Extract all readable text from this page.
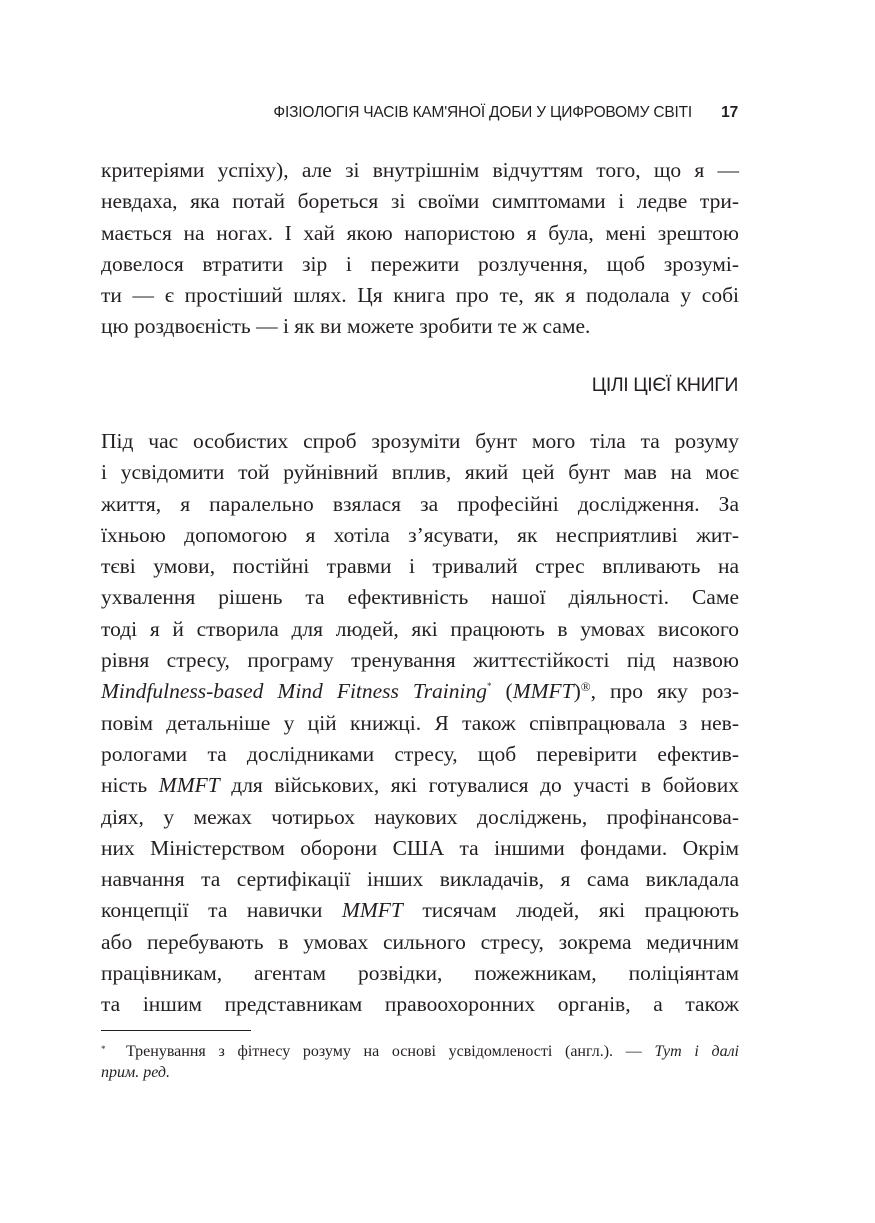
ФІЗІОЛОГІЯ ЧАСІВ КАМ'ЯНОЇ ДОБИ У ЦИФРОВОМУ СВІТІ 17
критеріями успіху), але зі внутрішнім відчуттям того, що я —
невдаха, яка потай бореться зі своїми симптомами і ледве три-
мається на ногах. І хай якою напористою я була, мені зрештою
довелося втратити зір і пережити розлучення, щоб зрозумі-
ти — є простіший шлях. Ця книга про те, як я подолала у собі
цю роздвоєність — і як ви можете зробити те ж саме.
ЦІЛІ ЦІЄЇ КНИГИ
Під час особистих спроб зрозуміти бунт мого тіла та розуму
і усвідомити той руйнівний вплив, який цей бунт мав на моє
життя, я паралельно взялася за професійні дослідження. За
їхньою допомогою я хотіла з’ясувати, як несприятливі жит-
тєві умови, постійні травми і тривалий стрес впливають на
ухвалення рішень та ефективність нашої діяльності. Саме
тоді я й створила для людей, які працюють в умовах високого
рівня стресу, програму тренування життєстійкості під назвою
Mindfulness-based Mind Fitness Training* (MMFT)®, про яку роз-
повім детальніше у цій книжці. Я також співпрацювала з нев-
рологами та дослідниками стресу, щоб перевірити ефектив-
ність MMFT для військових, які готувалися до участі в бойових
діях, у межах чотирьох наукових досліджень, профінансова-
них Міністерством оборони США та іншими фондами. Окрім
навчання та сертифікації інших викладачів, я сама викладала
концепції та навички MMFT тисячам людей, які працюють
або перебувають в умовах сильного стресу, зокрема медичним
працівникам, агентам розвідки, пожежникам, поліціянтам
та іншим представникам правоохоронних органів, а також
*	Тренування з фітнесу розуму на основі усвідомленості (англ.). — Тут і далі
прим. ред.
